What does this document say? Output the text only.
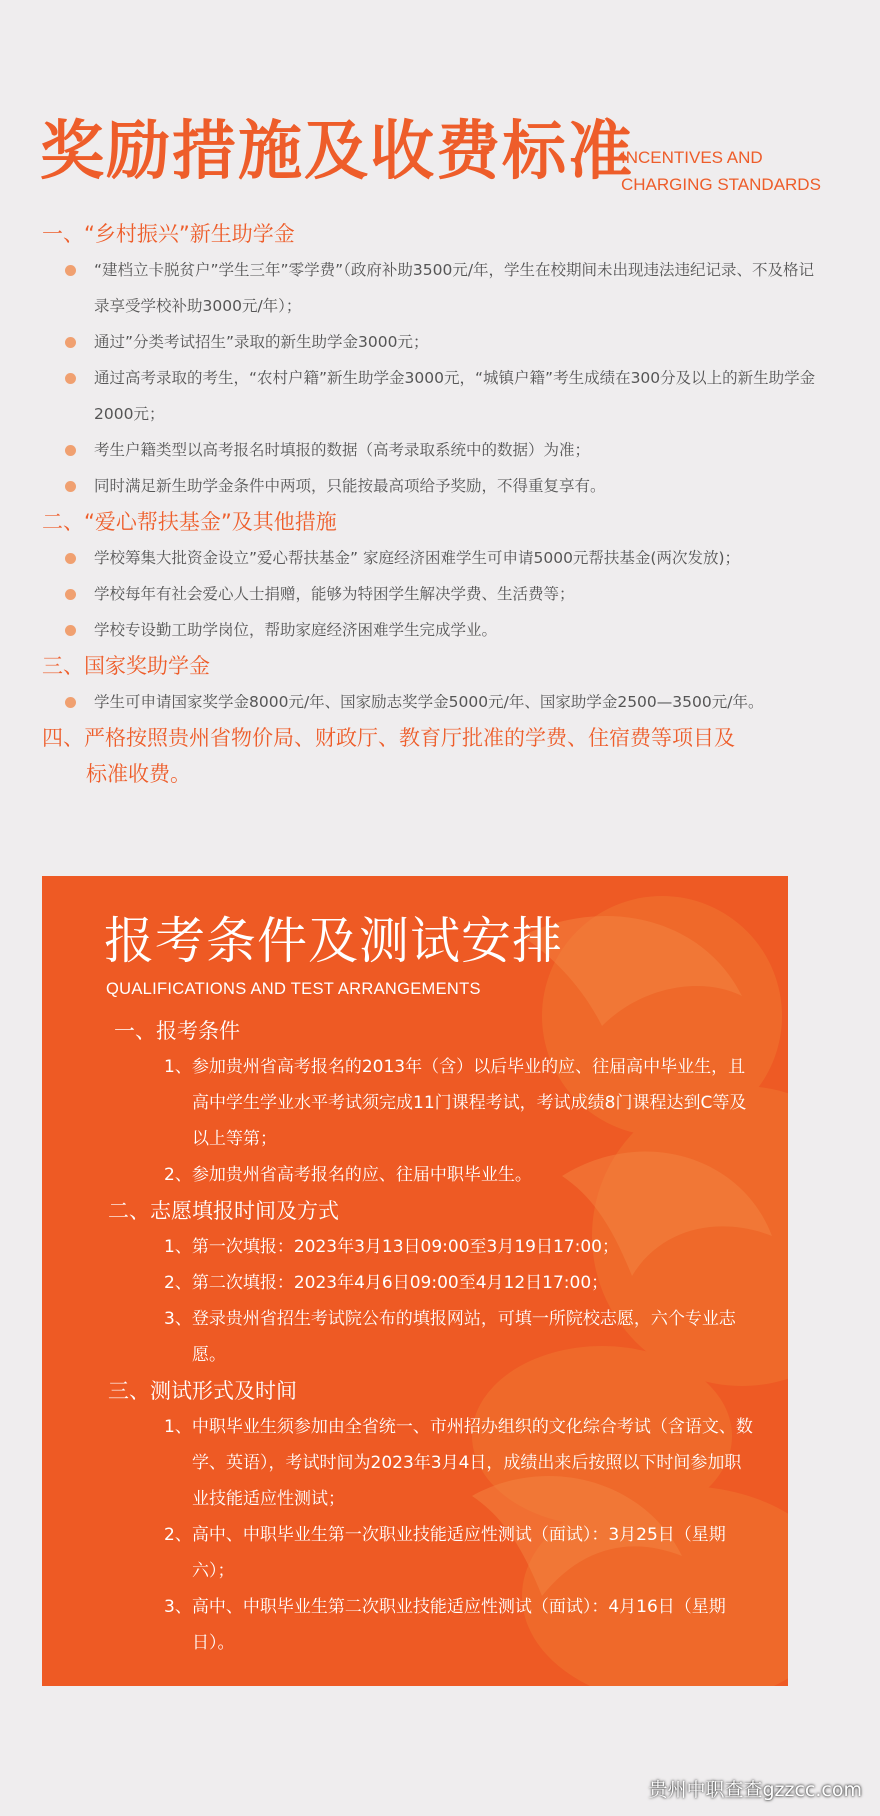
奖励措施及收费标准
INCENTIVES AND
CHARGING STANDARDS
一、“乡村振兴”新生助学金
“建档立卡脱贫户”学生三年”零学费”（政府补助3500元/年，学生在校期间未出现违法违纪记录、不及格记录享受学校补助3000元/年）；
通过”分类考试招生”录取的新生助学金3000元；
通过高考录取的考生，“农村户籍”新生助学金3000元，“城镇户籍”考生成绩在300分及以上的新生助学金2000元；
考生户籍类型以高考报名时填报的数据（高考录取系统中的数据）为准；
同时满足新生助学金条件中两项，只能按最高项给予奖励，不得重复享有。
二、“爱心帮扶基金”及其他措施
学校筹集大批资金设立”爱心帮扶基金” 家庭经济困难学生可申请5000元帮扶基金(两次发放)；
学校每年有社会爱心人士捐赠，能够为特困学生解决学费、生活费等；
学校专设勤工助学岗位，帮助家庭经济困难学生完成学业。
三、国家奖助学金
学生可申请国家奖学金8000元/年、国家励志奖学金5000元/年、国家助学金2500—3500元/年。
四、严格按照贵州省物价局、财政厅、教育厅批准的学费、住宿费等项目及
标准收费。
报考条件及测试安排
QUALIFICATIONS AND TEST ARRANGEMENTS
一、报考条件
1、参加贵州省高考报名的2013年（含）以后毕业的应、往届高中毕业生，且高中学生学业水平考试须完成11门课程考试，考试成绩8门课程达到C等及以上等第；
2、参加贵州省高考报名的应、往届中职毕业生。
二、志愿填报时间及方式
1、第一次填报：2023年3月13日09:00至3月19日17:00；
2、第二次填报：2023年4月6日09:00至4月12日17:00；
3、登录贵州省招生考试院公布的填报网站，可填一所院校志愿，六个专业志愿。
三、测试形式及时间
1、中职毕业生须参加由全省统一、市州招办组织的文化综合考试（含语文、数学、英语），考试时间为2023年3月4日，成绩出来后按照以下时间参加职业技能适应性测试；
2、高中、中职毕业生第一次职业技能适应性测试（面试）：3月25日（星期六）；
3、高中、中职毕业生第二次职业技能适应性测试（面试）：4月16日（星期日）。
贵州中职查查gzzcc.com
